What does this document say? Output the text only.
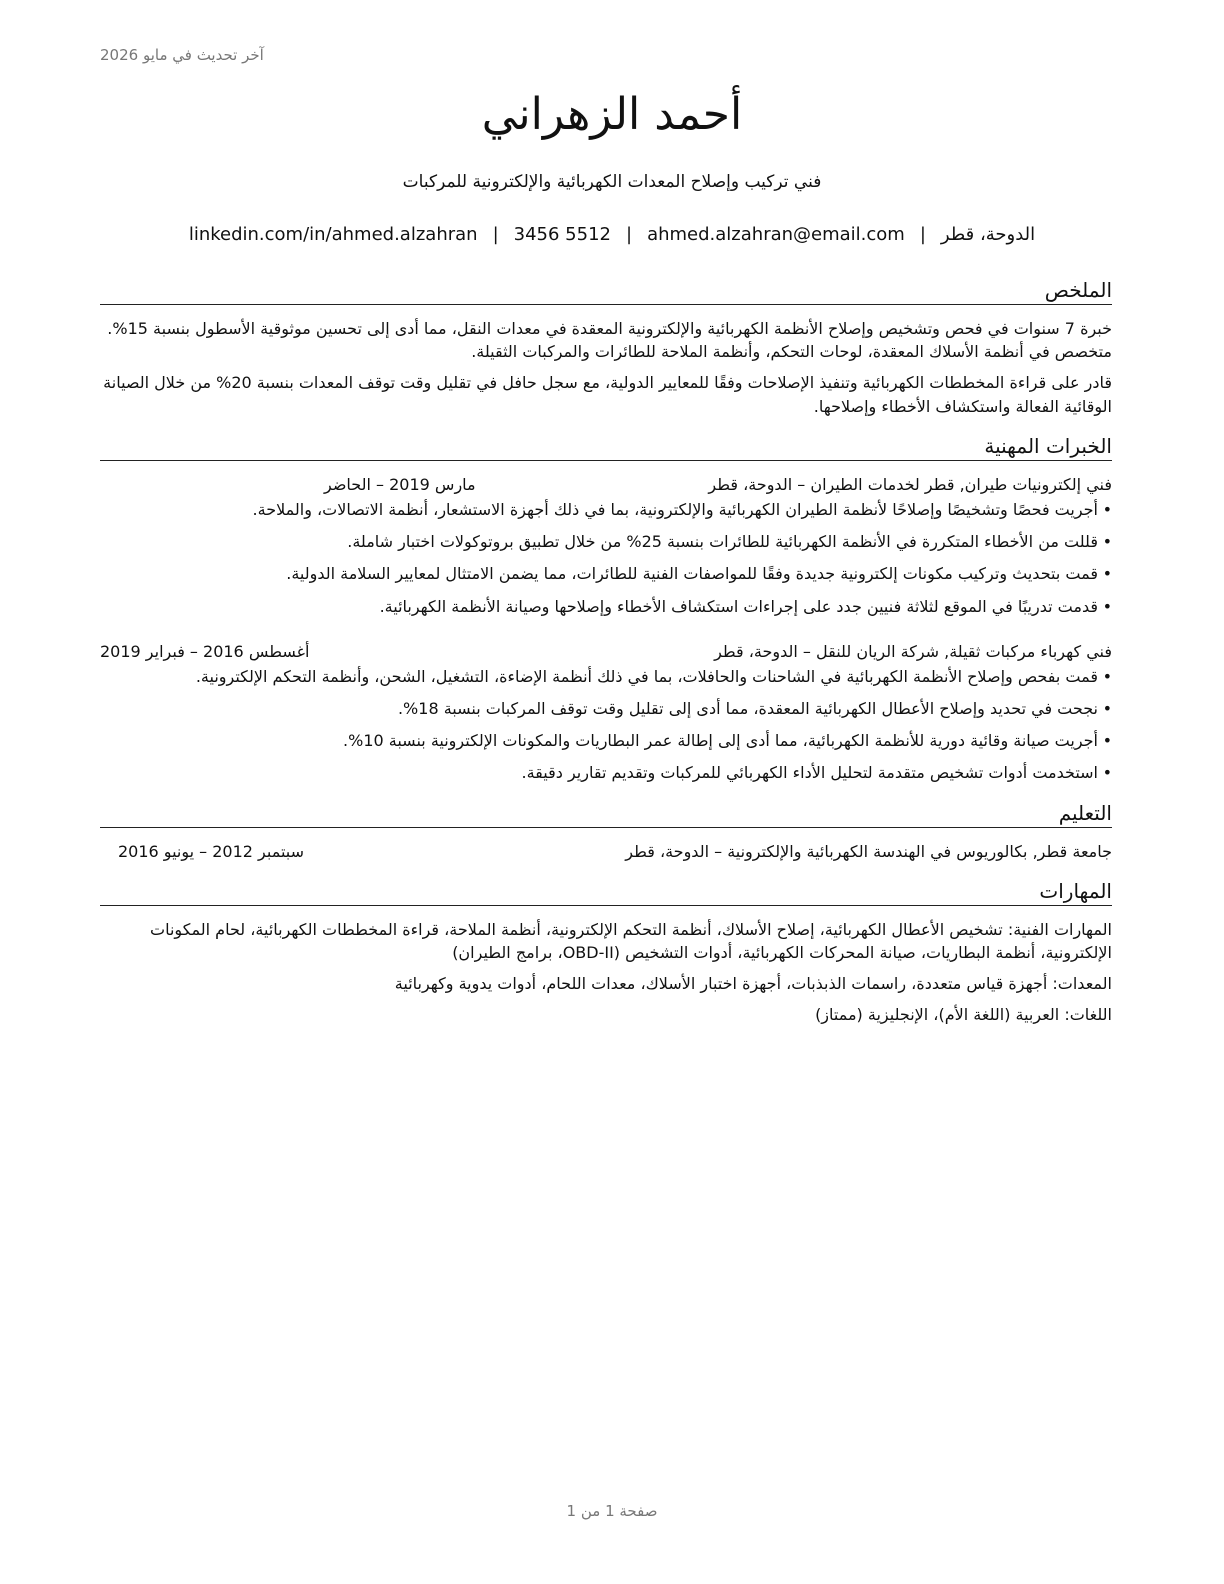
آخر تحديث في مايو 2026
أحمد الزهراني
فني تركيب وإصلاح المعدات الكهربائية والإلكترونية للمركبات
الدوحة، قطر|ahmed.alzahran@email.com|3456 5512|linkedin.com/in/ahmed.alzahran
الملخص

خبرة 7 سنوات في فحص وتشخيص وإصلاح الأنظمة الكهربائية والإلكترونية المعقدة في معدات النقل، مما أدى إلى تحسين موثوقية الأسطول بنسبة 15%. متخصص في أنظمة الأسلاك المعقدة، لوحات التحكم، وأنظمة الملاحة للطائرات والمركبات الثقيلة.

قادر على قراءة المخططات الكهربائية وتنفيذ الإصلاحات وفقًا للمعايير الدولية، مع سجل حافل في تقليل وقت توقف المعدات بنسبة 20% من خلال الصيانة الوقائية الفعالة واستكشاف الأخطاء وإصلاحها.

الخبرات المهنية
فني إلكترونيات طيران, قطر لخدمات الطيران – الدوحة، قطر
مارس 2019 – الحاضر
• أجريت فحصًا وتشخيصًا وإصلاحًا لأنظمة الطيران الكهربائية والإلكترونية، بما في ذلك أجهزة الاستشعار، أنظمة الاتصالات، والملاحة.
• قللت من الأخطاء المتكررة في الأنظمة الكهربائية للطائرات بنسبة 25% من خلال تطبيق بروتوكولات اختبار شاملة.
• قمت بتحديث وتركيب مكونات إلكترونية جديدة وفقًا للمواصفات الفنية للطائرات، مما يضمن الامتثال لمعايير السلامة الدولية.
• قدمت تدريبًا في الموقع لثلاثة فنيين جدد على إجراءات استكشاف الأخطاء وإصلاحها وصيانة الأنظمة الكهربائية.
فني كهرباء مركبات ثقيلة, شركة الريان للنقل – الدوحة، قطر
أغسطس 2016 – فبراير 2019
• قمت بفحص وإصلاح الأنظمة الكهربائية في الشاحنات والحافلات، بما في ذلك أنظمة الإضاءة، التشغيل، الشحن، وأنظمة التحكم الإلكترونية.
• نجحت في تحديد وإصلاح الأعطال الكهربائية المعقدة، مما أدى إلى تقليل وقت توقف المركبات بنسبة 18%.
• أجريت صيانة وقائية دورية للأنظمة الكهربائية، مما أدى إلى إطالة عمر البطاريات والمكونات الإلكترونية بنسبة 10%.
• استخدمت أدوات تشخيص متقدمة لتحليل الأداء الكهربائي للمركبات وتقديم تقارير دقيقة.
التعليم
جامعة قطر, بكالوريوس في الهندسة الكهربائية والإلكترونية – الدوحة، قطر
سبتمبر 2012 – يونيو 2016
المهارات

المهارات الفنية: تشخيص الأعطال الكهربائية، إصلاح الأسلاك، أنظمة التحكم الإلكترونية، أنظمة الملاحة، قراءة المخططات الكهربائية، لحام المكونات الإلكترونية، أنظمة البطاريات، صيانة المحركات الكهربائية، أدوات التشخيص (OBD-II، برامج الطيران)

المعدات: أجهزة قياس متعددة، راسمات الذبذبات، أجهزة اختبار الأسلاك، معدات اللحام، أدوات يدوية وكهربائية

اللغات: العربية (اللغة الأم)، الإنجليزية (ممتاز)

صفحة 1 من 1
